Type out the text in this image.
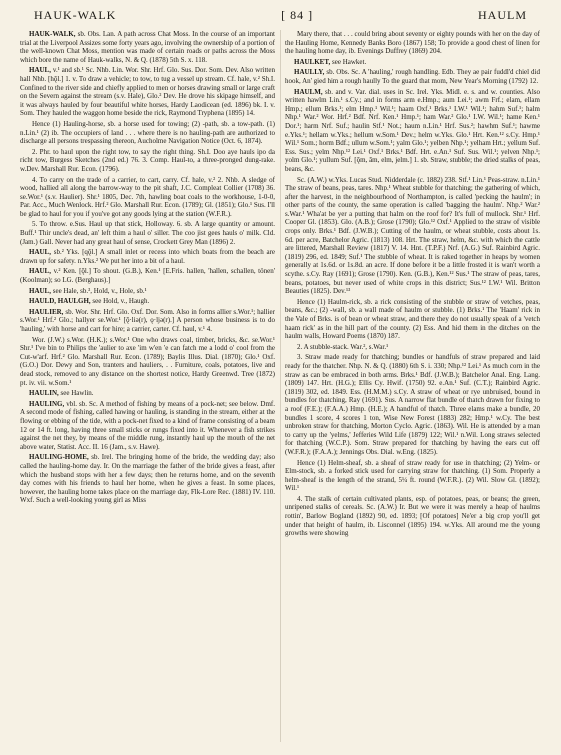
HAUK-WALK	[ 84 ]	HAULM

HAUK-WALK, sb. Obs. Lan. A path across Chat Moss. In the course of an important trial at the Liverpool Assizes some forty years ago, involving the ownership of a portion of the well-known Chat Moss, mention was made of certain roads or paths across the Moss which bore the name of Hauk-walks, N. & Q. (1878) 5th S. x. 118.

HAUL, v.¹ and sb.¹ Sc. Nhb. Lin. Wor. Shr. Hrf. Glo. Sus. Dor. Som. Dev. Also written hall Nhb. [hǭl.] 1. v. To draw a vehicle; to tow, to tug a vessel up stream. Cf. hale, v.² Sh.I. Confined to the river side and chiefly applied to men or horses drawing small or large craft on the Severn against the stream (s.v. Hale), Glo.² Dev. He drove his skipage himself, and it was always hauled by four beautiful white horses, Hardy Laodicean (ed. 1896) bk. I. v. Som. They hauled the waggon home beside the rick, Raymond Tryphena (1895) 14.

Hence (1) Hauling-horse, sb. a horse used for towing; (2) -path, sb. a tow-path. (1) n.Lin.¹ (2) ib. The occupiers of land . . . where there is no hauling-path are authorized to discharge all persons trespassing thereon, Aucholme Navigation Notice (Oct. 6, 1874).

2. Phr. to haul upon the right tow, to say the right thing. Sh.I. Doo aye hauls ipo da richt tow, Burgess Sketches (2nd ed.) 76. 3. Comp. Haul-to, a three-pronged dung-rake. w.Dev. Marshall Rur. Econ. (1796).

4. To carry on the trade of a carrier, to cart, carry. Cf. hale, v.² 2. Nhb. A sledge of wood, hallied all along the barrow-way to the pit shaft, J.C. Compleat Collier (1708) 36. se.Wor.¹ (s.v. Haulier). Shr.¹ 1805, Dec. 7th, hawling boat coals to the workhouse, 1-0-0, Par. Acc., Much Wenlock. Hrf.² Glo. Marshall Rur. Econ. (1789); Gl. (1851); Glo.¹ Sus. I'll be glad to haul for you if you've got any goods lying at the station (W.F.R.).

5. To throw. e.Sus. Haul up that stick, Holloway. 6. sb. A large quantity or amount. Buff.¹ Thir uncle's dead, an' left thim a haul o' siller. The coo jist gees hauls o' milk. Cld. (Jam.) Gall. Never had any great haul of sense, Crockett Grey Man (1896) 2.

HAUL, sb.² Yks. [qǭl.] A small inlet or recess into which boats from the beach are drawn up for safety. n.Yks.² We put her into a bit of a haul.

HAUL, v.² Ken. [ǭl.] To shout. (G.B.), Ken.¹ [E.Fris. hallen, 'hallen, schallen, tönen' (Koolman); so LG. (Berghaus).]

HAUL, see Hale, sb.³, Hold, v., Hole, sb.¹

HAULD, HAULGH, see Hold, v., Haugh.

HAULIER, sb. Wor. Shr. Hrf. Glo. Oxf. Dor. Som. Also in forms allier s.Wor.¹; hallier s.Wor.¹ Hrf.² Glo.; hallyer se.Wor.¹ [ǭ·liə(r), ǫ·ljə(r).] A person whose business is to do 'hauling,' with horse and cart for hire; a carrier, carter. Cf. haul, v.¹ 4.

Wor. (J.W.) s.Wor. (H.K.); s.Wor.¹ One who draws coal, timber, bricks, &c. se.Wor.¹ Shr.¹ I've bin to Philips the 'aulier to axe 'im w'en 'e can fatch me a lodd o' cool from the Cut-w'arf. Hrf.² Glo. Marshall Rur. Econ. (1789); Baylis Illus. Dial. (1870); Glo.¹ Oxf. (G.O.) Dor. Dewy and Son, tranters and hauliers, . . Furniture, coals, potatoes, live and dead stock, removed to any distance on the shortest notice, Hardy Greenwd. Tree (1872) pt. iv. vii. w.Som.¹

HAULIN, see Hawlin.

HAULING, vbl. sb. Sc. A method of fishing by means of a pock-net; see below. Dmf. A second mode of fishing, called hawing or hauling, is standing in the stream, either at the flowing or ebbing of the tide, with a pock-net fixed to a kind of frame consisting of a beam 12 or 14 ft. long, having three small sticks or rungs fixed into it. Whenever a fish strikes against the net they, by means of the middle rung, instantly haul up the mouth of the net above water, Statist. Acc. II. 16 (Jam., s.v. Hawe).

HAULING-HOME, sb. Irel. The bringing home of the bride, the wedding day; also called the hauling-home day. Ir. On the marriage the father of the bride gives a feast, after which the husband stops with her a few days; then he returns home, and on the seventh day comes with his friends to haul her home, when he gives a feast. In some places, however, the hauling home takes place on the marriage day, Flk-Lore Rec. (1881) IV. 110. Wxf. Such a well-looking young girl as Miss

Mary there, that . . . could bring about seventy or eighty pounds with her on the day of the Hauling Home, Kennedy Banks Boro (1867) 158; To provide a good chest of linen for the hauling home day, ib. Evenings Duffrey (1869) 204.

HAULKET, see Hawket.

HAULLY, sb. Obs. Sc. A 'hauling,' rough handling. Edb. They ae pair fuddl'd chiel did hook, An' gied him a rough haully To the guard that mom, New Year's Morning (1792) 12.

HAULM, sb. and v. Var. dial. uses in Sc. Irel. Yks. Midl. e. s. and w. counties. Also written hawlm Lin.¹ s.Cy.; and in forms arm e.Hmp.; aum Lei.¹; awm Frf.; elam, ellam Hmp.; ellum Brks.¹; elm Hmp.¹ Wil.¹; haam Oxf.¹ Brks.¹ I.W.¹ Wil.¹; hahm Suf.¹; halm Nhp.¹ War.² Wor. Hrf.² Bdf. Nrf. Ken.¹ Hmp.¹; ham War.² Glo.¹ I.W. Wil.¹; hame Ken.¹ Dor.¹; harm Nrf. Suf.; haulin Stf.¹ Not.; haum n.Lin.¹ Hrf. Sus.²; hawhm Suf.¹; hawme e.Yks.¹; hellam w.Yks.; hellum w.Som.¹ Dev.; helm w.Yks. Glo.¹ Hrt. Ken.¹² s.Cy. Hmp.¹ Wil.¹ Som.; horm Bdf.; ullum w.Som.¹; yalm Glo.¹; yelben Nhp.¹; yelham Hrt.; yellum Suf. Ess. Sus.; yelm Nhp.¹² Lei.¹ Oxf.¹ Brks.¹ Bdf. Hrt. e.An.¹ Suf. Sus. Wil.¹; yelven Nhp.¹; yolm Glo.¹; yullum Suf. [ǭm, ām, elm, jelm.] 1. sb. Straw, stubble; the dried stalks of peas, beans, &c.

Sc. (A.W.) w.Yks. Lucas Stud. Nidderdale (c. 1882) 238. Stf.¹ Lin.¹ Peas-straw. n.Lin.¹ The straw of beans, peas, tares. Nhp.¹ Wheat stubble for thatching; the gathering of which, after the harvest, in the neighbourhood of Northampton, is called 'pecking the haulm'; in other parts of the county, the same operation is called 'bagging the haulm'. Nhp.² War.² s.War.¹ Wha'at be yer a putting that halm on the roof for? It's full of mullock. Shr.¹ Hrf. Cooper Gl. (1853). Glo. (A.B.); Grose (1790); Glo.¹² Oxf.¹ Applied to the straw of visible crops only. Brks.¹ Bdf. (J.W.B.); Cutting of the haulm, or wheat stubble, costs about 1s. 6d. per acre, Batchelor Agric. (1813) 108. Hrt. The straw, helm, &c. with which the cattle are littered, Marshall Review (1817) V. 14. Hnt. (T.P.F.) Nrf. (A.G.) Suf. Rainbird Agric. (1819) 296, ed. 1849; Suf.¹ The stubble of wheat. It is raked together in heaps by women generally at 1s.6d. or 1s.8d. an acre. If done before it be a little frosted it is wan't worth a scythe. s.Cy. Ray (1691); Grose (1790). Ken. (G.B.), Ken.¹² Sus.¹ The straw of peas, tares, beans, potatoes, but never used of white crops in this district; Sus.¹² I.W.¹ Wil. Britton Beauties (1825). Dev.¹³

Hence (1) Haulm-rick, sb. a rick consisting of the stubble or straw of vetches, peas, beans, &c.; (2) -wall, sb. a wall made of haulm or stubble. (1) Brks.¹ The 'Haam' rick in the Vale of Brks. is of bean or wheat straw, and there they do not usually speak of a 'vetch haam rick' as in the hill part of the county. (2) Ess. And hid them in the ditches on the haulm walls, Howard Poems (1870) 187.

2. A stubble-stack. War.², s.War.¹

3. Straw made ready for thatching; bundles or handfuls of straw prepared and laid ready for the thatcher. Nhp. N. & Q. (1880) 6th S. i. 330; Nhp.¹² Lei.¹ As much corn in the straw as can be embraced in both arms. Brks.¹ Bdf. (J.W.B.); Batchelor Anal. Eng. Lang. (1809) 147. Hrt. (H.G.); Ellis Cy. Hwif. (1750) 92. e.An.¹ Suf. (C.T.); Rainbird Agric. (1819) 302, ed. 1849. Ess. (H.M.M.) s.Cy. A straw of wheat or rye unbruised, bound in bundles for thatching, Ray (1691). Sus. A narrow flat bundle of thatch drawn for fixing to a roof (F.E.); (F.A.A.) Hmp. (H.E.); A handful of thatch. Three elams make a bundle, 20 bundles 1 score, 4 scores 1 ton, Wise New Forest (1883) 282; Hmp.¹ w.Cy. The best unbroken straw for thatching, Morton Cyclo. Agric. (1863). Wil. He is attended by a man to carry up the 'yelms,' Jefferies Wild Life (1879) 122; Wil.¹ n.Wil. Long straws selected for thatching (W.C.P.). Som. Straw prepared for thatching by having the ears cut off (W.F.R.); (F.A.A.); Jennings Obs. Dial. w.Eng. (1825).

Hence (1) Helm-sheaf, sb. a sheaf of straw ready for use in thatching; (2) Yelm- or Elm-stock, sb. a forked stick used for carrying straw for thatching. (1) Som. Properly a helm-sheaf is the length of the strand, 5¼ ft. round (W.F.R.). (2) Wil. Slow Gl. (1892); Wil.¹

4. The stalk of certain cultivated plants, esp. of potatoes, peas, or beans; the green, unripened stalks of cereals. Sc. (A.W.) Ir. But we were it was merely a heap of haulms rottin', Barlow Bogland (1892) 90, ed. 1893; [Of potatoes] Ne'er a big crop you'll get under that height of haulm, ib. Lisconnel (1895) 194. w.Yks. All around me the young growths were showing
